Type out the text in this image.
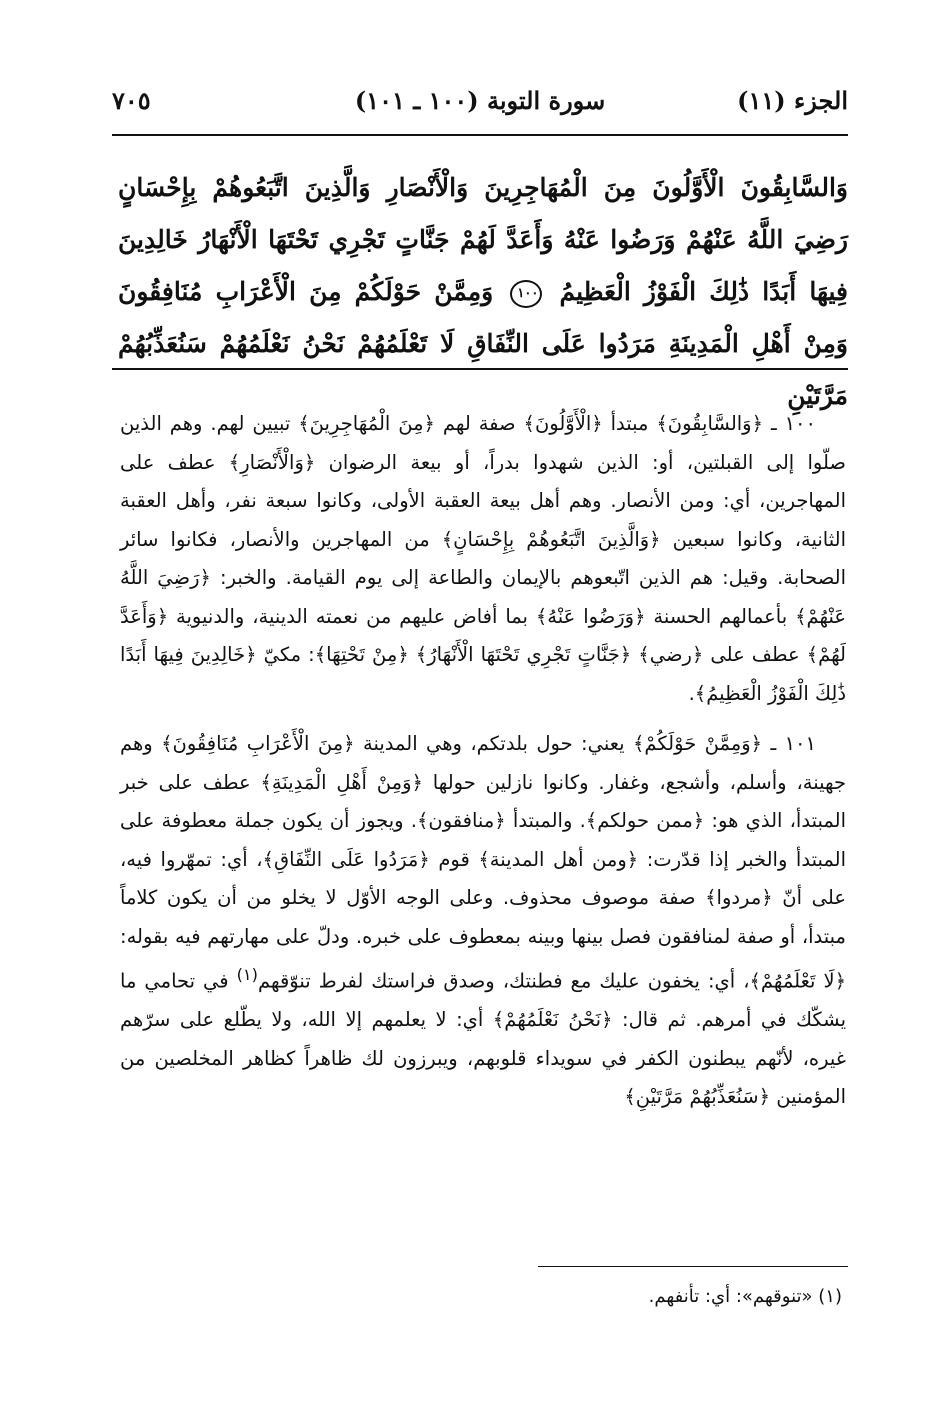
الجزء (١١)
سورة التوبة (١٠٠ ـ ١٠١)
٧٠٥
وَالسَّابِقُونَ الْأَوَّلُونَ مِنَ الْمُهَاجِرِينَ وَالْأَنْصَارِ وَالَّذِينَ اتَّبَعُوهُمْ بِإِحْسَانٍ رَضِيَ اللَّهُ عَنْهُمْ وَرَضُوا عَنْهُ وَأَعَدَّ لَهُمْ جَنَّاتٍ تَجْرِي تَحْتَهَا الْأَنْهَارُ خَالِدِينَ فِيهَا أَبَدًا ذَٰلِكَ الْفَوْزُ الْعَظِيمُ ١٠٠ وَمِمَّنْ حَوْلَكُمْ مِنَ الْأَعْرَابِ مُنَافِقُونَ وَمِنْ أَهْلِ الْمَدِينَةِ مَرَدُوا عَلَى النِّفَاقِ لَا تَعْلَمُهُمْ نَحْنُ نَعْلَمُهُمْ سَنُعَذِّبُهُمْ مَرَّتَيْنِ

١٠٠ ـ ﴿وَالسَّابِقُونَ﴾ مبتدأ ﴿الْأَوَّلُونَ﴾ صفة لهم ﴿مِنَ الْمُهَاجِرِينَ﴾ تبيين لهم. وهم الذين صلّوا إلى القبلتين، أو: الذين شهدوا بدراً، أو بيعة الرضوان ﴿وَالْأَنْصَارِ﴾ عطف على المهاجرين، أي: ومن الأنصار. وهم أهل بيعة العقبة الأولى، وكانوا سبعة نفر، وأهل العقبة الثانية، وكانوا سبعين ﴿وَالَّذِينَ اتَّبَعُوهُمْ بِإِحْسَانٍ﴾ من المهاجرين والأنصار، فكانوا سائر الصحابة. وقيل: هم الذين اتّبعوهم بالإيمان والطاعة إلى يوم القيامة. والخبر: ﴿رَضِيَ اللَّهُ عَنْهُمْ﴾ بأعمالهم الحسنة ﴿وَرَضُوا عَنْهُ﴾ بما أفاض عليهم من نعمته الدينية، والدنيوية ﴿وَأَعَدَّ لَهُمْ﴾ عطف على ﴿رضي﴾ ﴿جَنَّاتٍ تَجْرِي تَحْتَهَا الْأَنْهَارُ﴾ ﴿مِنْ تَحْتِهَا﴾: مكيّ ﴿خَالِدِينَ فِيهَا أَبَدًا ذَٰلِكَ الْفَوْزُ الْعَظِيمُ﴾.

١٠١ ـ ﴿وَمِمَّنْ حَوْلَكُمْ﴾ يعني: حول بلدتكم، وهي المدينة ﴿مِنَ الْأَعْرَابِ مُنَافِقُونَ﴾ وهم جهينة، وأسلم، وأشجع، وغفار. وكانوا نازلين حولها ﴿وَمِنْ أَهْلِ الْمَدِينَةِ﴾ عطف على خبر المبتدأ، الذي هو: ﴿ممن حولكم﴾. والمبتدأ ﴿منافقون﴾. ويجوز أن يكون جملة معطوفة على المبتدأ والخبر إذا قدّرت: ﴿ومن أهل المدينة﴾ قوم ﴿مَرَدُوا عَلَى النِّفَاقِ﴾، أي: تمهّروا فيه، على أنّ ﴿مردوا﴾ صفة موصوف محذوف. وعلى الوجه الأوّل لا يخلو من أن يكون كلاماً مبتدأ، أو صفة لمنافقون فصل بينها وبينه بمعطوف على خبره. ودلّ على مهارتهم فيه بقوله: ﴿لَا تَعْلَمُهُمْ﴾، أي: يخفون عليك مع فطنتك، وصدق فراستك لفرط تنوّقهم$^{(١)}$ في تحامي ما يشكّك في أمرهم. ثم قال: ﴿نَحْنُ نَعْلَمُهُمْ﴾ أي: لا يعلمهم إلا الله، ولا يطّلع على سرّهم غيره، لأنّهم يبطنون الكفر في سويداء قلوبهم، ويبرزون لك ظاهراً كظاهر المخلصين من المؤمنين ﴿سَنُعَذِّبُهُمْ مَرَّتَيْنِ﴾

(١) «تنوقهم»: أي: تأنفهم.
